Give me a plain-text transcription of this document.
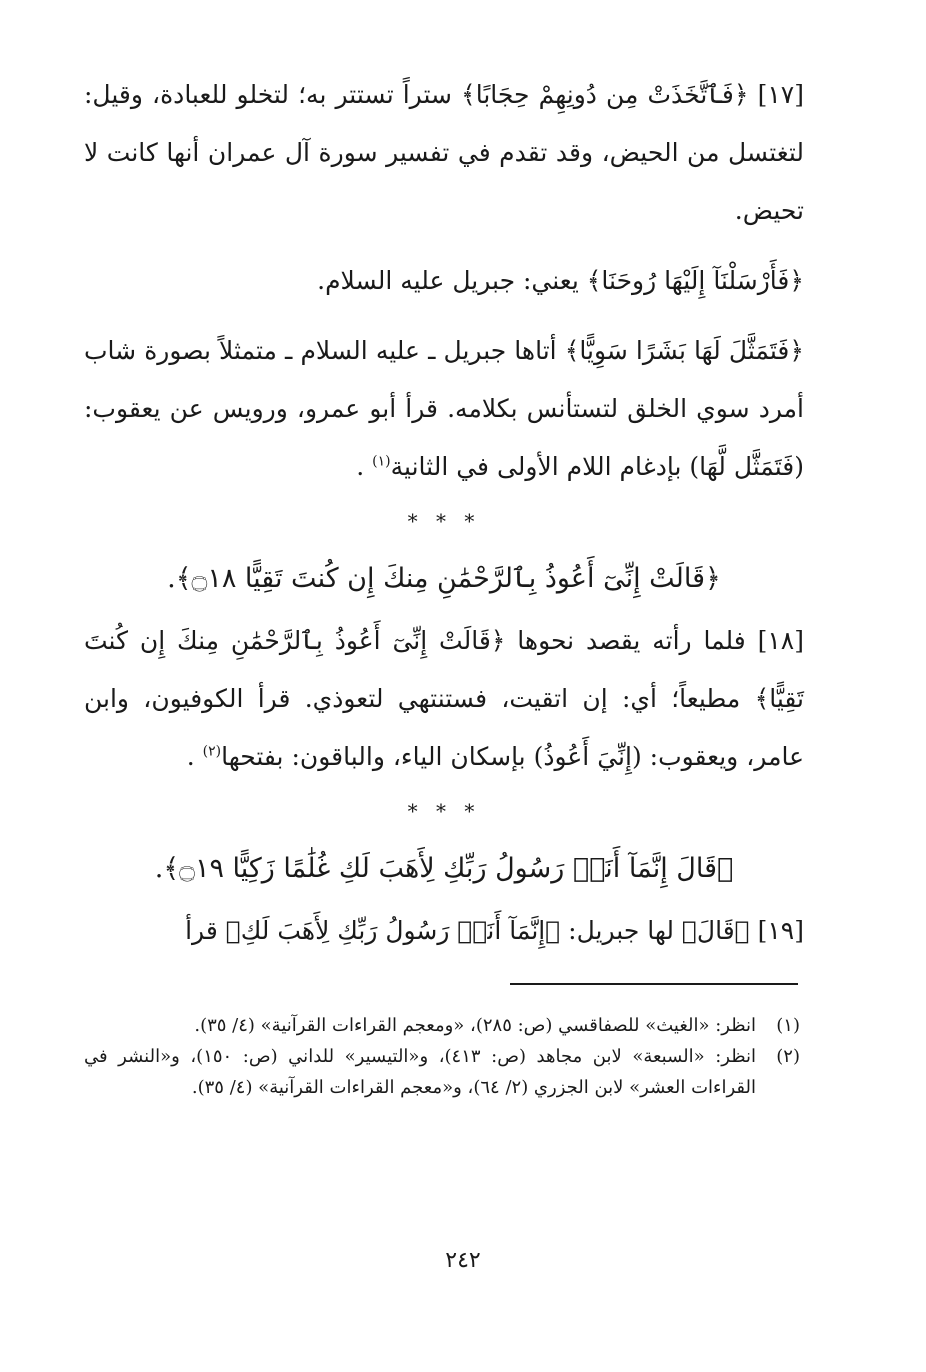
[١٧] ﴿فَٱتَّخَذَتْ مِن دُونِهِمْ حِجَابًا﴾ ستراً تستتر به؛ لتخلو للعبادة، وقيل: لتغتسل من الحيض، وقد تقدم في تفسير سورة آل عمران أنها كانت لا تحيض.

﴿فَأَرْسَلْنَآ إِلَيْهَا رُوحَنَا﴾ يعني: جبريل عليه السلام.

﴿فَتَمَثَّلَ لَهَا بَشَرًا سَوِيًّا﴾ أتاها جبريل ـ عليه السلام ـ متمثلاً بصورة شاب أمرد سوي الخلق لتستأنس بكلامه. قرأ أبو عمرو، ورويس عن يعقوب: (فَتَمَثَّل لَّهَا) بإدغام اللام الأولى في الثانية$^{(١)}$ .

* * *

﴿قَالَتْ إِنِّىٓ أَعُوذُ بِٱلرَّحْمَٰنِ مِنكَ إِن كُنتَ تَقِيًّا ۝١٨﴾.

[١٨] فلما رأته يقصد نحوها ﴿قَالَتْ إِنِّىٓ أَعُوذُ بِٱلرَّحْمَٰنِ مِنكَ إِن كُنتَ تَقِيًّا﴾ مطيعاً؛ أي: إن اتقيت، فستنتهي لتعوذي. قرأ الكوفيون، وابن عامر، ويعقوب: (إِنِّيَ أَعُوذُ) بإسكان الياء، والباقون: بفتحها$^{(٢)}$ .

* * *

﴿قَالَ إِنَّمَآ أَنَا۠ رَسُولُ رَبِّكِ لِأَهَبَ لَكِ غُلَٰمًا زَكِيًّا ۝١٩﴾.

[١٩] ﴿قَالَ﴾ لها جبريل: ﴿إِنَّمَآ أَنَا۠ رَسُولُ رَبِّكِ لِأَهَبَ لَكِ﴾ قرأ

(١)
انظر: «الغيث» للصفاقسي (ص: ٢٨٥)، «ومعجم القراءات القرآنية» (٤/ ٣٥).
(٢)
انظر: «السبعة» لابن مجاهد (ص: ٤١٣)، و«التيسير» للداني (ص: ١٥٠)، و«النشر في القراءات العشر» لابن الجزري (٢/ ٦٤)، و«معجم القراءات القرآنية» (٤/ ٣٥).
٢٤٢
